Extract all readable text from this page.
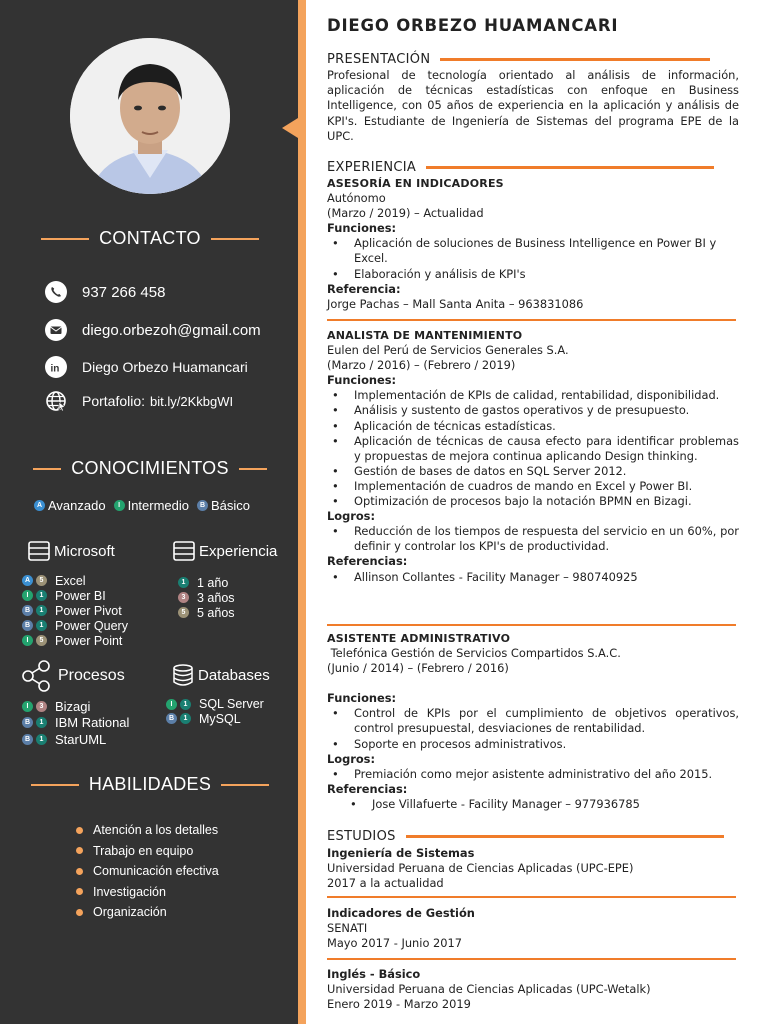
CONTACTO
937 266 458
diego.orbezoh@gmail.com
in Diego Orbezo Huamancari
Portafolio: bit.ly/2KkbgWI
CONOCIMIENTOS
A Avanzado	I Intermedio	B Básico
Microsoft
A	5 Excel
I	1 Power BI
B	1 Power Pivot
B	1 Power Query
I	5 Power Point
Experiencia
1 1 año
3 3 años
5 5 años
Procesos
I	3 Bizagi
B	1 IBM Rational
B	1 StarUML
Databases
I	1 SQL Server
B	1 MySQL
HABILIDADES
Atención a los detalles
Trabajo en equipo
Comunicación efectiva
Investigación
Organización
DIEGO ORBEZO HUAMANCARI
PRESENTACIÓN
Profesional de tecnología orientado al análisis de información, aplicación de técnicas estadísticas con enfoque en Business Intelligence, con 05 años de experiencia en la aplicación y análisis de KPI's. Estudiante de Ingeniería de Sistemas del programa EPE de la UPC.
EXPERIENCIA
ASESORÍA EN INDICADORES
Autónomo
(Marzo / 2019) – Actualidad
Funciones:
• Aplicación de soluciones de Business Intelligence en Power BI y Excel.
• Elaboración y análisis de KPI's
Referencia:
Jorge Pachas – Mall Santa Anita – 963831086
ANALISTA DE MANTENIMIENTO
Eulen del Perú de Servicios Generales S.A.
(Marzo / 2016) – (Febrero / 2019)
Funciones:
• Implementación de KPIs de calidad, rentabilidad, disponibilidad.
• Análisis y sustento de gastos operativos y de presupuesto.
• Aplicación de técnicas estadísticas.
• Aplicación de técnicas de causa efecto para identificar problemas y propuestas de mejora continua aplicando Design thinking.
• Gestión de bases de datos en SQL Server 2012.
• Implementación de cuadros de mando en Excel y Power BI.
• Optimización de procesos bajo la notación BPMN en Bizagi.
Logros:
• Reducción de los tiempos de respuesta del servicio en un 60%, por definir y controlar los KPI's de productividad.
Referencias:
• Allinson Collantes - Facility Manager – 980740925
ASISTENTE ADMINISTRATIVO
Telefónica Gestión de Servicios Compartidos S.A.C.
(Junio / 2014) – (Febrero / 2016)
Funciones:
• Control de KPIs por el cumplimiento de objetivos operativos, control presupuestal, desviaciones de rentabilidad.
• Soporte en procesos administrativos.
Logros:
• Premiación como mejor asistente administrativo del año 2015.
Referencias:
• Jose Villafuerte - Facility Manager – 977936785
ESTUDIOS
Ingeniería de Sistemas
Universidad Peruana de Ciencias Aplicadas (UPC-EPE)
2017 a la actualidad
Indicadores de Gestión
SENATI
Mayo 2017 - Junio 2017
Inglés - Básico
Universidad Peruana de Ciencias Aplicadas (UPC-Wetalk)
Enero 2019 - Marzo 2019
